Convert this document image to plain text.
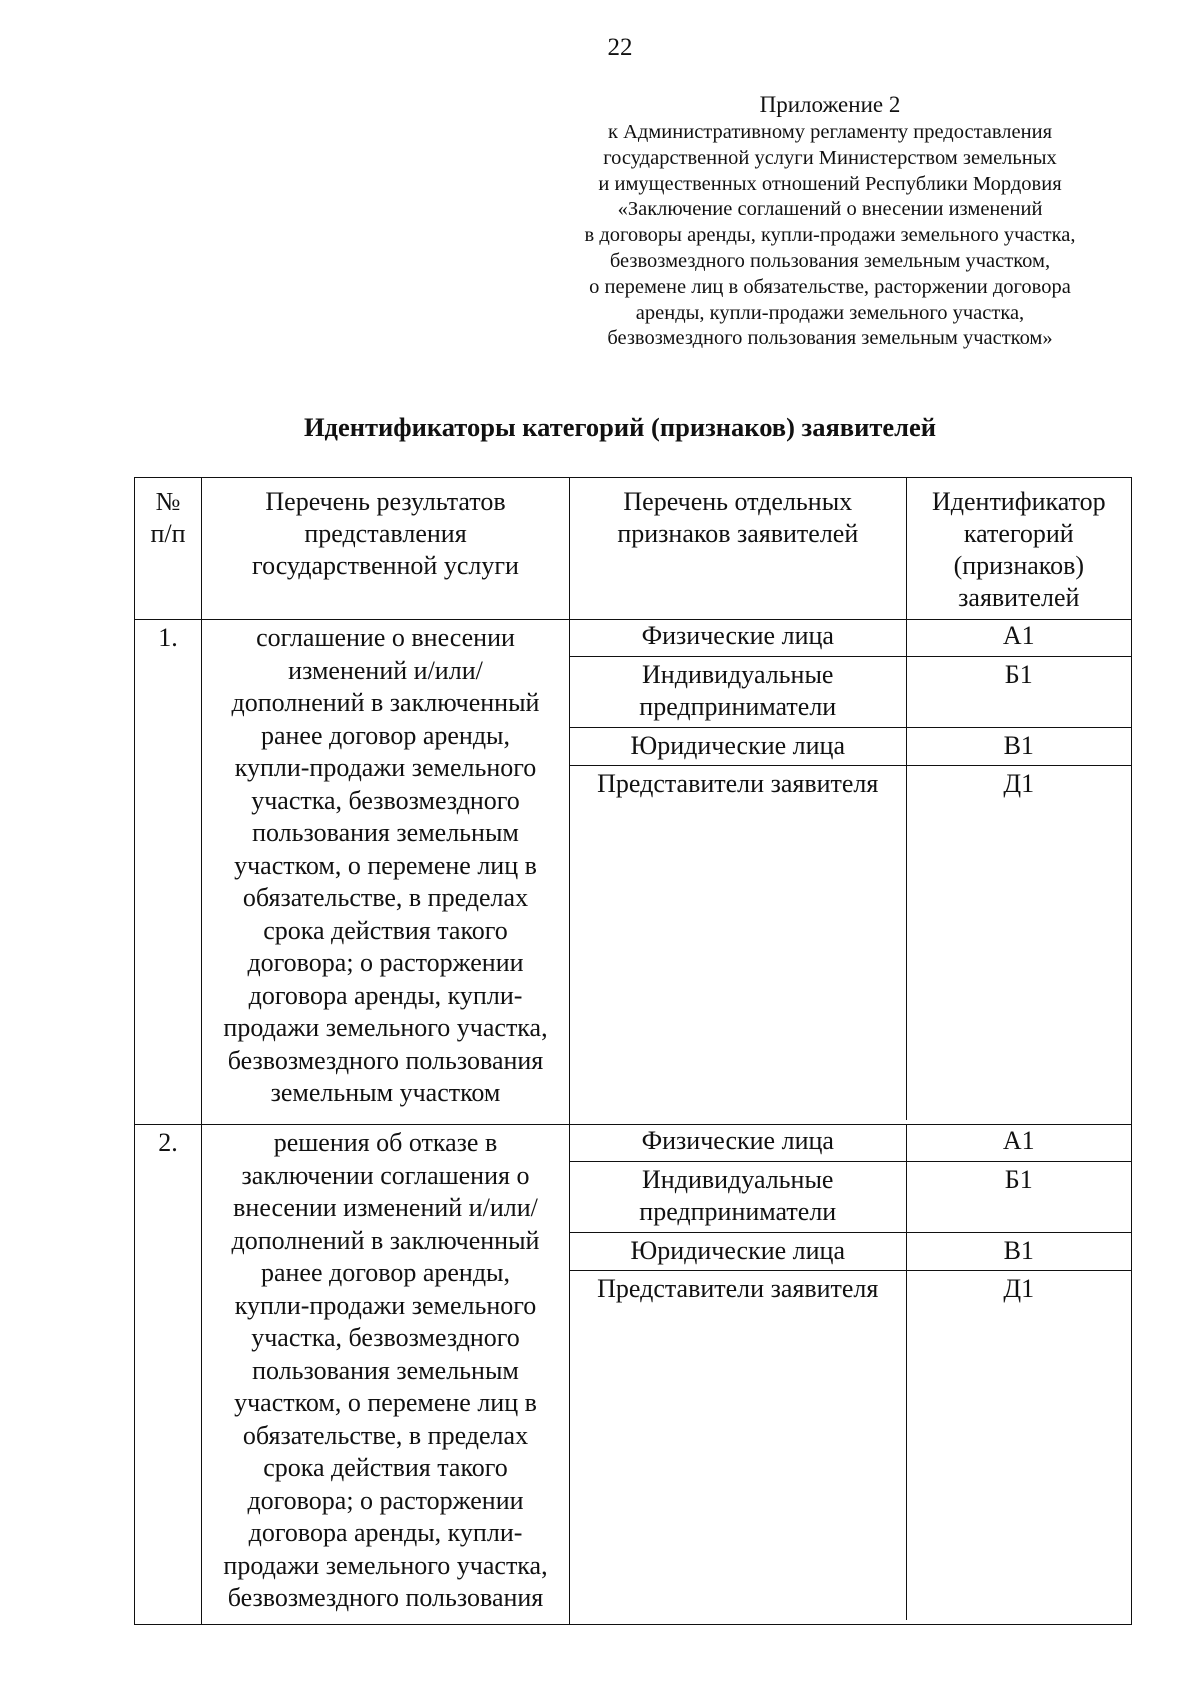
22
Приложение 2
к Административному регламенту предоставления
государственной услуги Министерством земельных
и имущественных отношений Республики Мордовия
«Заключение соглашений о внесении изменений
в договоры аренды, купли-продажи земельного участка,
безвозмездного пользования земельным участком,
о перемене лиц в обязательстве, расторжении договора
аренды, купли-продажи земельного участка,
безвозмездного пользования земельным участком»
Идентификаторы категорий (признаков) заявителей
№ п/п	Перечень результатов представления государственной услуги	Перечень отдельных признаков заявителей	Идентификатор категорий (признаков) заявителей
1.	соглашение о внесении
изменений и/или/
дополнений в заключенный
ранее договор аренды,
купли-продажи земельного
участка, безвозмездного
пользования земельным
участком, о перемене лиц в
обязательстве, в пределах
срока действия такого
договора; о расторжении
договора аренды, купли-
продажи земельного участка,
безвозмездного пользования
земельным участком	
Физические лица	А1
Индивидуальные предприниматели	Б1
Юридические лица	В1
Представители заявителя	Д1

2.	решения об отказе в
заключении соглашения о
внесении изменений и/или/
дополнений в заключенный
ранее договор аренды,
купли-продажи земельного
участка, безвозмездного
пользования земельным
участком, о перемене лиц в
обязательстве, в пределах
срока действия такого
договора; о расторжении
договора аренды, купли-
продажи земельного участка,
безвозмездного пользования	
Физические лица	А1
Индивидуальные предприниматели	Б1
Юридические лица	В1
Представители заявителя	Д1
